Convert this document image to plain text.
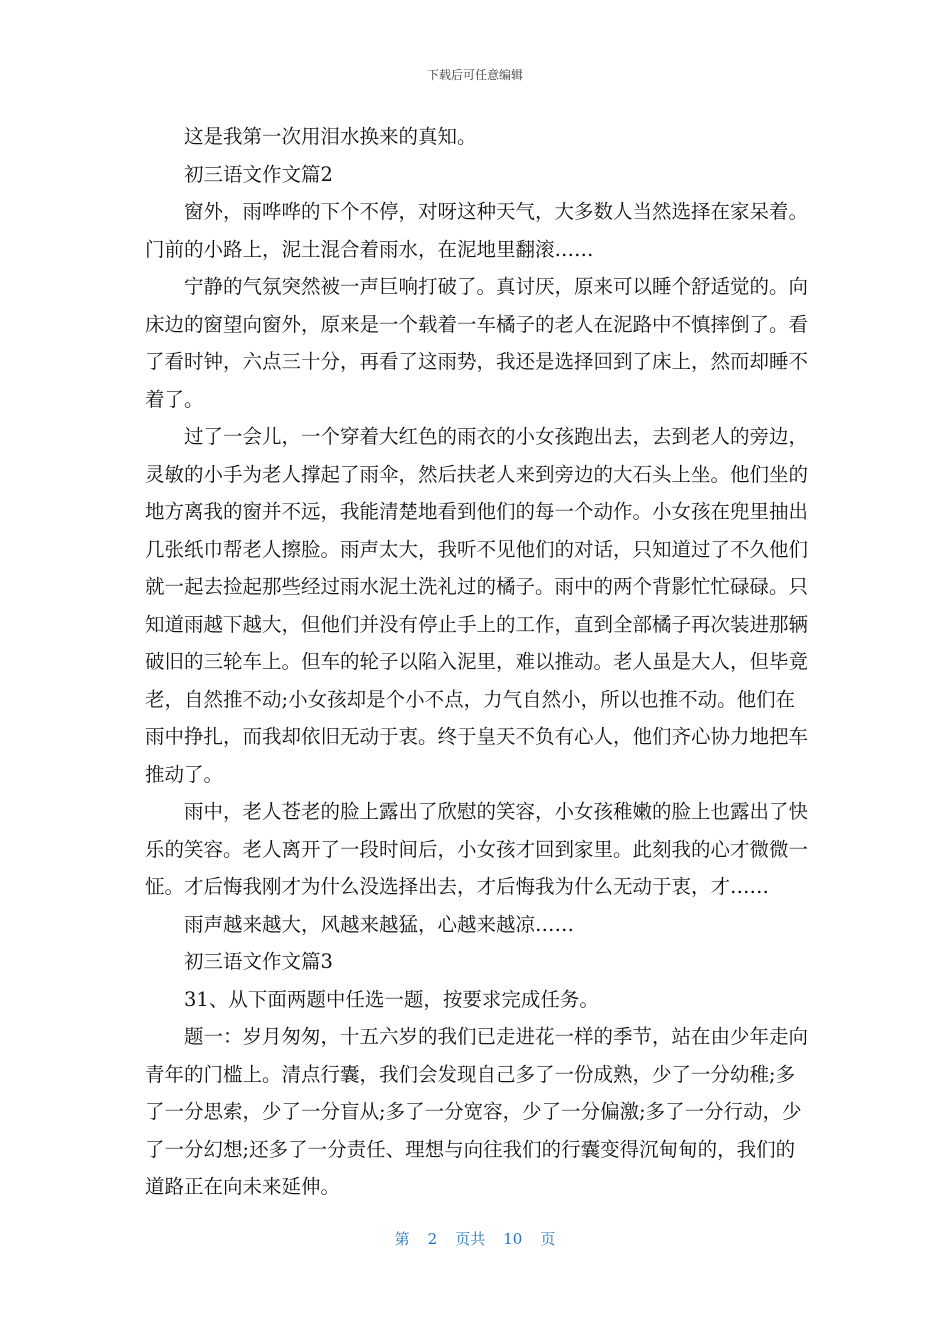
下载后可任意编辑

这是我第一次用泪水换来的真知。

初三语文作文篇2

窗外，雨哗哗的下个不停，对呀这种天气，大多数人当然选择在家呆着。门前的小路上，泥土混合着雨水，在泥地里翻滚……

宁静的气氛突然被一声巨响打破了。真讨厌，原来可以睡个舒适觉的。向床边的窗望向窗外，原来是一个载着一车橘子的老人在泥路中不慎摔倒了。看了看时钟，六点三十分，再看了这雨势，我还是选择回到了床上，然而却睡不着了。

过了一会儿，一个穿着大红色的雨衣的小女孩跑出去，去到老人的旁边，灵敏的小手为老人撑起了雨伞，然后扶老人来到旁边的大石头上坐。他们坐的地方离我的窗并不远，我能清楚地看到他们的每一个动作。小女孩在兜里抽出几张纸巾帮老人擦脸。雨声太大，我听不见他们的对话，只知道过了不久他们就一起去捡起那些经过雨水泥土洗礼过的橘子。雨中的两个背影忙忙碌碌。只知道雨越下越大，但他们并没有停止手上的工作，直到全部橘子再次装进那辆破旧的三轮车上。但车的轮子以陷入泥里，难以推动。老人虽是大人，但毕竟老，自然推不动;小女孩却是个小不点，力气自然小，所以也推不动。他们在雨中挣扎，而我却依旧无动于衷。终于皇天不负有心人，他们齐心协力地把车推动了。

雨中，老人苍老的脸上露出了欣慰的笑容，小女孩稚嫩的脸上也露出了快乐的笑容。老人离开了一段时间后，小女孩才回到家里。此刻我的心才微微一怔。才后悔我刚才为什么没选择出去，才后悔我为什么无动于衷，才……

雨声越来越大，风越来越猛，心越来越凉……

初三语文作文篇3

31、从下面两题中任选一题，按要求完成任务。

题一：岁月匆匆，十五六岁的我们已走进花一样的季节，站在由少年走向青年的门槛上。清点行囊，我们会发现自己多了一份成熟，少了一分幼稚;多了一分思索，少了一分盲从;多了一分宽容，少了一分偏激;多了一分行动，少了一分幻想;还多了一分责任、理想与向往我们的行囊变得沉甸甸的，我们的道路正在向未来延伸。

第 2 页共 10 页
